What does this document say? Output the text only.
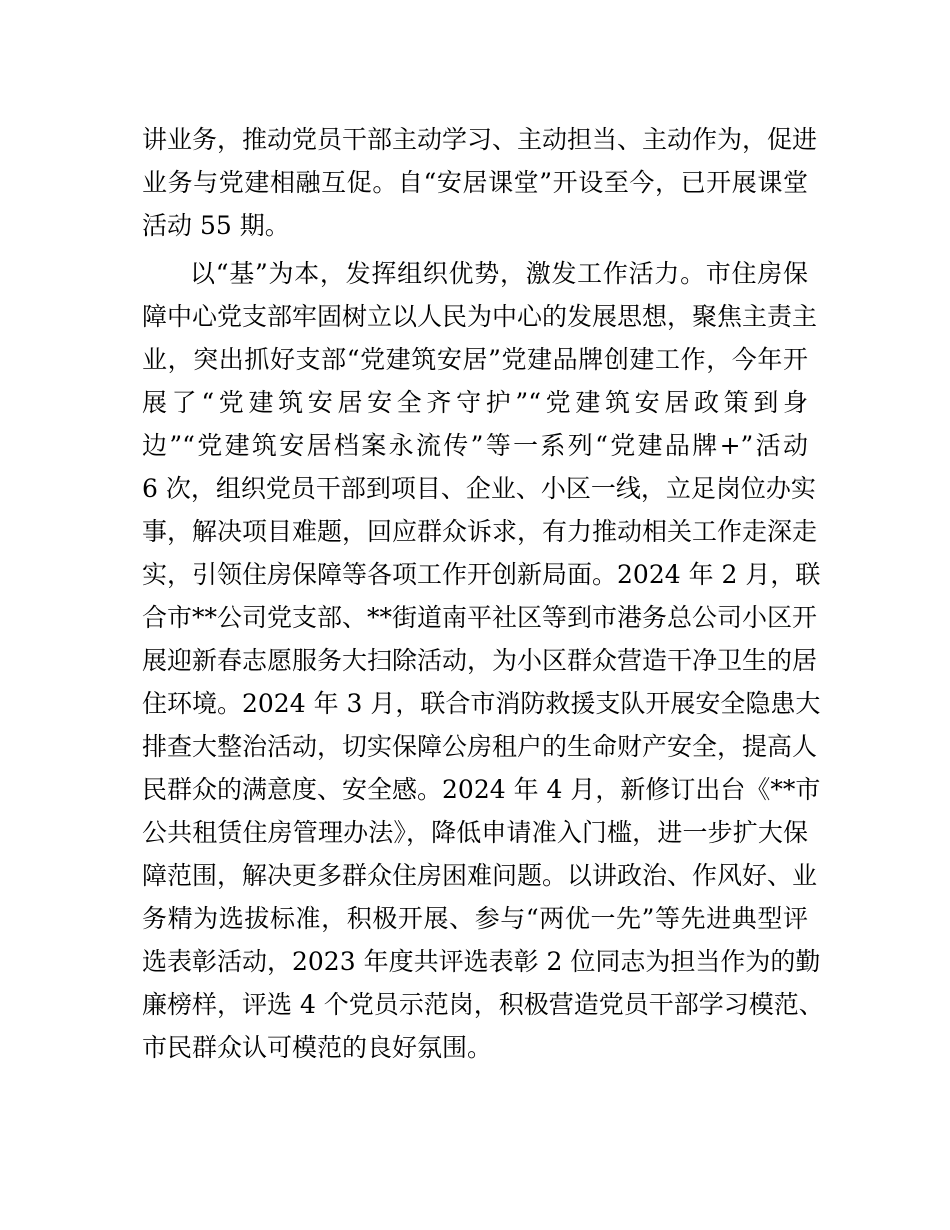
讲业务，推动党员干部主动学习、主动担当、主动作为，促进
业务与党建相融互促。自“安居课堂”开设至今，已开展课堂
活动 55 期。
以“基”为本，发挥组织优势，激发工作活力。市住房保
障中心党支部牢固树立以人民为中心的发展思想，聚焦主责主
业，突出抓好支部“党建筑安居”党建品牌创建工作，今年开
展了“党建筑安居安全齐守护”“党建筑安居政策到身
边”“党建筑安居档案永流传”等一系列“党建品牌+”活动
6 次，组织党员干部到项目、企业、小区一线，立足岗位办实
事，解决项目难题，回应群众诉求，有力推动相关工作走深走
实，引领住房保障等各项工作开创新局面。2024 年 2 月，联
合市**公司党支部、**街道南平社区等到市港务总公司小区开
展迎新春志愿服务大扫除活动，为小区群众营造干净卫生的居
住环境。2024 年 3 月，联合市消防救援支队开展安全隐患大
排查大整治活动，切实保障公房租户的生命财产安全，提高人
民群众的满意度、安全感。2024 年 4 月，新修订出台《**市
公共租赁住房管理办法》，降低申请准入门槛，进一步扩大保
障范围，解决更多群众住房困难问题。以讲政治、作风好、业
务精为选拔标准，积极开展、参与“两优一先”等先进典型评
选表彰活动，2023 年度共评选表彰 2 位同志为担当作为的勤
廉榜样，评选 4 个党员示范岗，积极营造党员干部学习模范、
市民群众认可模范的良好氛围。
